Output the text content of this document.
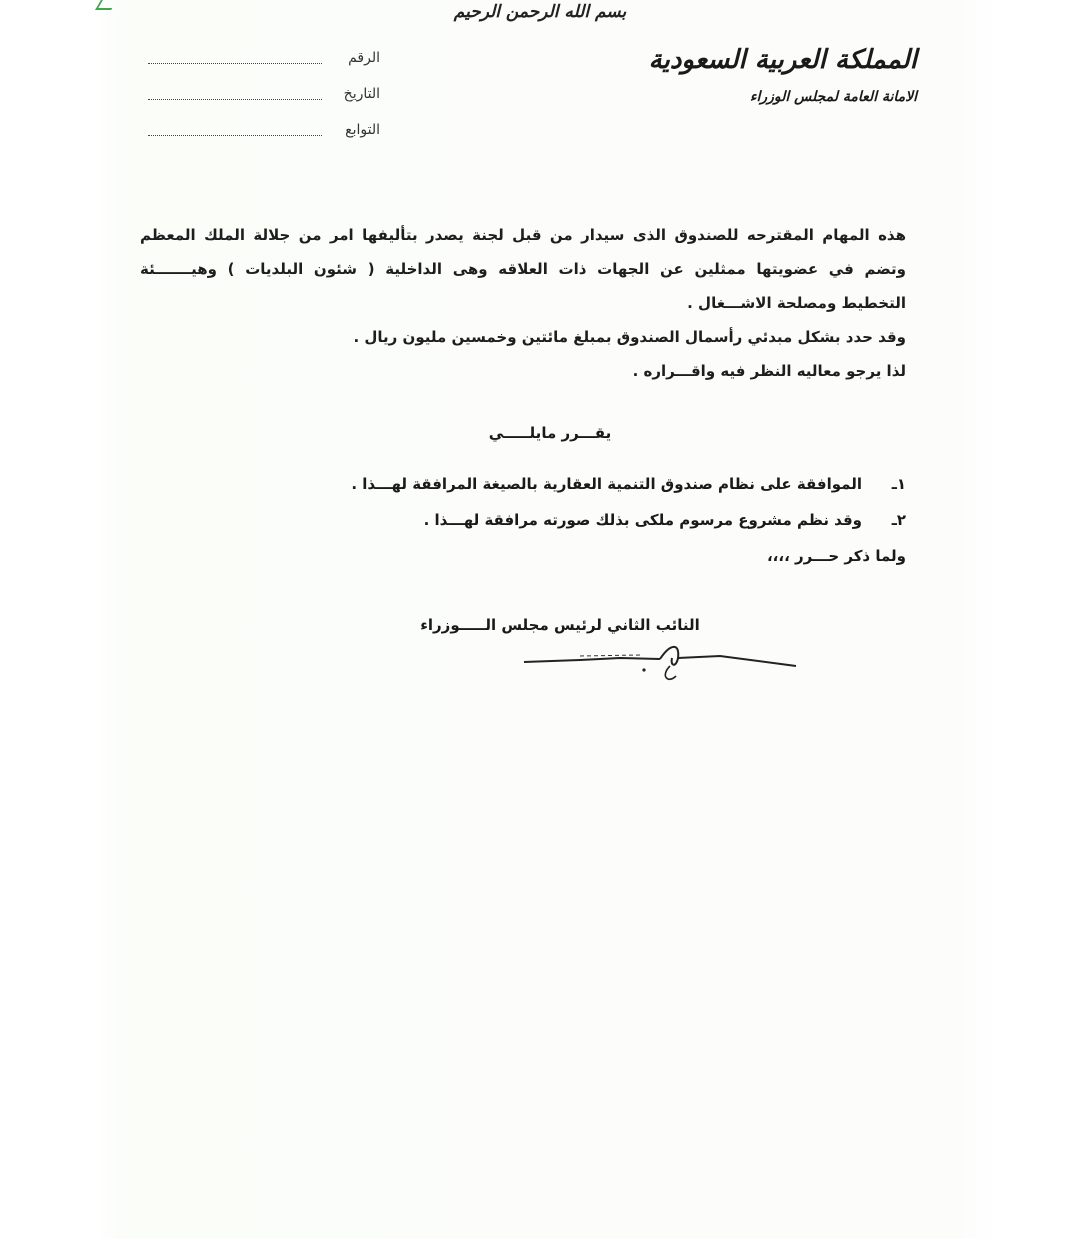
بسم الله الرحمن الرحيم
المملكة العربية السعودية
الامانة العامة لمجلس الوزراء
الرقم
التاريخ
التوابع
هذه المهام المقترحه للصندوق الذى سيدار من قبل لجنة يصدر بتأليفها امر من جلالة الملك المعظم
وتضم في عضويتها ممثلين عن الجهات ذات العلاقه وهى الداخلية ( شئون البلديات ) وهيـــــــئة
التخطيط ومصلحة الاشـــغال .
وقد حدد بشكل مبدئي رأسمال الصندوق بمبلغ مائتين وخمسين مليون ريال .
لذا يرجو معاليه النظر فيه واقـــراره .
يقـــرر مايلـــــي
١ـ
الموافقة على نظام صندوق التنمية العقارية بالصيغة المرافقة لهـــذا .
٢ـ
وقد نظم مشروع مرسوم ملكى بذلك صورته مرافقة لهـــذا .
ولما ذكر حـــرر ،،،،
النائب الثاني لرئيس مجلس الـــــوزراء
